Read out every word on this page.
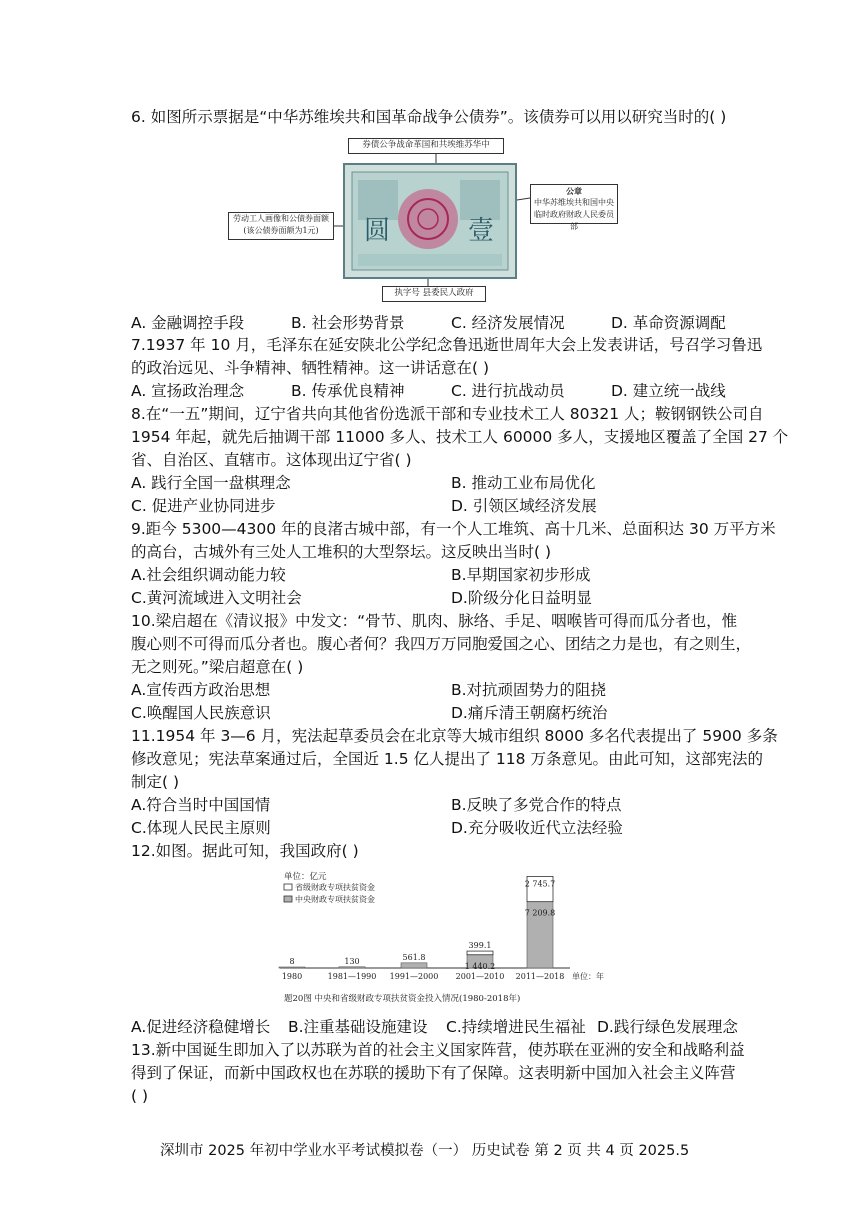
6. 如图所示票据是“中华苏维埃共和国革命战争公债券”。该债券可以用以研究当时的( )
券债公争战命革国和共埃维苏华中
劳动工人画像和公债券面额(该公债券面额为1元)
公章
中华苏维埃共和国中央临时政府财政人民委员部
执字号 县委民人政府
壹
圆
A. 金融调控手段	B. 社会形势背景	C. 经济发展情况	D. 革命资源调配
7.1937 年 10 月，毛泽东在延安陕北公学纪念鲁迅逝世周年大会上发表讲话，号召学习鲁迅
的政治远见、斗争精神、牺牲精神。这一讲话意在( )
A. 宣扬政治理念	B. 传承优良精神	C. 进行抗战动员	D. 建立统一战线
8.在“一五”期间，辽宁省共向其他省份选派干部和专业技术工人 80321 人；鞍钢钢铁公司自
1954 年起，就先后抽调干部 11000 多人、技术工人 60000 多人，支援地区覆盖了全国 27 个
省、自治区、直辖市。这体现出辽宁省( )
A. 践行全国一盘棋理念	B. 推动工业布局优化
C. 促进产业协同进步	D. 引领区域经济发展
9.距今 5300—4300 年的良渚古城中部，有一个人工堆筑、高十几米、总面积达 30 万平方米
的高台，古城外有三处人工堆积的大型祭坛。这反映出当时( )
A.社会组织调动能力较	B.早期国家初步形成
C.黄河流域进入文明社会	D.阶级分化日益明显
10.梁启超在《清议报》中发文：“骨节、肌肉、脉络、手足、咽喉皆可得而瓜分者也，惟
腹心则不可得而瓜分者也。腹心者何？我四万万同胞爱国之心、团结之力是也，有之则生，
无之则死。”梁启超意在( )
A.宣传西方政治思想	B.对抗顽固势力的阻挠
C.唤醒国人民族意识	D.痛斥清王朝腐朽统治
11.1954 年 3—6 月，宪法起草委员会在北京等大城市组织 8000 多名代表提出了 5900 多条
修改意见；宪法草案通过后，全国近 1.5 亿人提出了 118 万条意见。由此可知，这部宪法的
制定( )
A.符合当时中国国情	B.反映了多党合作的特点
C.体现人民民主原则	D.充分吸收近代立法经验
12.如图。据此可知，我国政府( )
单位：亿元
省级财政专项扶贫资金
中央财政专项扶贫资金
单位：年
1980
8
1981—1990
130
1991—2000
561.8
2001—2010
1 440.2
399.1
2011—2018
7 209.8
2 745.7
题20图 中央和省级财政专项扶贫资金投入情况(1980-2018年)
A.促进经济稳健增长 B.注重基础设施建设 C.持续增进民生福祉 D.践行绿色发展理念
13.新中国诞生即加入了以苏联为首的社会主义国家阵营，使苏联在亚洲的安全和战略利益
得到了保证，而新中国政权也在苏联的援助下有了保障。这表明新中国加入社会主义阵营
( )
深圳市 2025 年初中学业水平考试模拟卷（一） 历史试卷 第 2 页 共 4 页 2025.5
